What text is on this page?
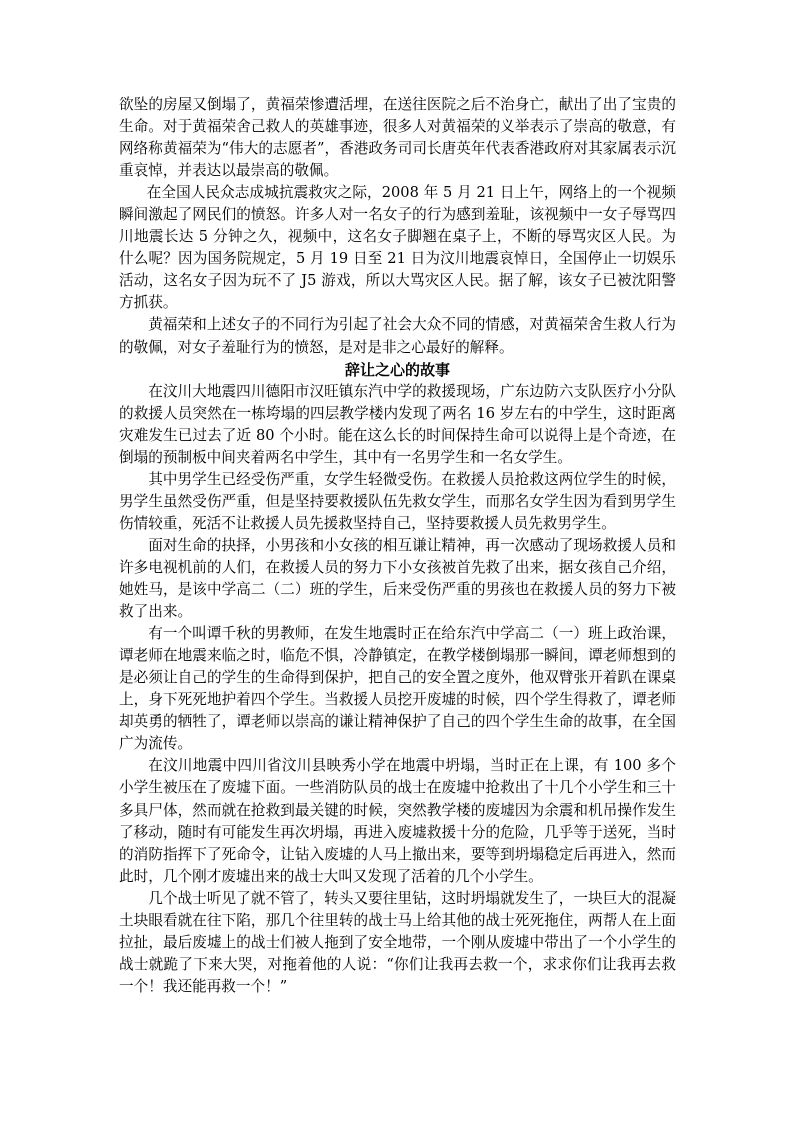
欲坠的房屋又倒塌了，黄福荣惨遭活埋，在送往医院之后不治身亡，献出了出了宝贵的生命。对于黄福荣舍己救人的英雄事迹，很多人对黄福荣的义举表示了崇高的敬意，有网络称黄福荣为“伟大的志愿者”，香港政务司司长唐英年代表香港政府对其家属表示沉重哀悼，并表达以最崇高的敬佩。

在全国人民众志成城抗震救灾之际，2008 年 5 月 21 日上午，网络上的一个视频瞬间激起了网民们的愤怒。许多人对一名女子的行为感到羞耻，该视频中一女子辱骂四川地震长达 5 分钟之久，视频中，这名女子脚翘在桌子上，不断的辱骂灾区人民。为什么呢？因为国务院规定，5 月 19 日至 21 日为汶川地震哀悼日，全国停止一切娱乐活动，这名女子因为玩不了 J5 游戏，所以大骂灾区人民。据了解，该女子已被沈阳警方抓获。

黄福荣和上述女子的不同行为引起了社会大众不同的情感，对黄福荣舍生救人行为的敬佩，对女子羞耻行为的愤怒，是对是非之心最好的解释。

辞让之心的故事

在汶川大地震四川德阳市汉旺镇东汽中学的救援现场，广东边防六支队医疗小分队的救援人员突然在一栋垮塌的四层教学楼内发现了两名 16 岁左右的中学生，这时距离灾难发生已过去了近 80 个小时。能在这么长的时间保持生命可以说得上是个奇迹，在倒塌的预制板中间夹着两名中学生，其中有一名男学生和一名女学生。

其中男学生已经受伤严重，女学生轻微受伤。在救援人员抢救这两位学生的时候，男学生虽然受伤严重，但是坚持要救援队伍先救女学生，而那名女学生因为看到男学生伤情较重，死活不让救援人员先援救坚持自己，坚持要救援人员先救男学生。

面对生命的抉择，小男孩和小女孩的相互谦让精神，再一次感动了现场救援人员和许多电视机前的人们，在救援人员的努力下小女孩被首先救了出来，据女孩自己介绍，她姓马，是该中学高二（二）班的学生，后来受伤严重的男孩也在救援人员的努力下被救了出来。

有一个叫谭千秋的男教师，在发生地震时正在给东汽中学高二（一）班上政治课，谭老师在地震来临之时，临危不惧，冷静镇定，在教学楼倒塌那一瞬间，谭老师想到的是必须让自己的学生的生命得到保护，把自己的安全置之度外，他双臂张开着趴在课桌上，身下死死地护着四个学生。当救援人员挖开废墟的时候，四个学生得救了，谭老师却英勇的牺牲了，谭老师以崇高的谦让精神保护了自己的四个学生生命的故事，在全国广为流传。

在汶川地震中四川省汶川县映秀小学在地震中坍塌，当时正在上课，有 100 多个小学生被压在了废墟下面。一些消防队员的战士在废墟中抢救出了十几个小学生和三十多具尸体，然而就在抢救到最关键的时候，突然教学楼的废墟因为余震和机吊操作发生了移动，随时有可能发生再次坍塌，再进入废墟救援十分的危险，几乎等于送死，当时的消防指挥下了死命令，让钻入废墟的人马上撤出来，要等到坍塌稳定后再进入，然而此时，几个刚才废墟出来的战士大叫又发现了活着的几个小学生。

几个战士听见了就不管了，转头又要往里钻，这时坍塌就发生了，一块巨大的混凝土块眼看就在往下陷，那几个往里转的战士马上给其他的战士死死拖住，两帮人在上面拉扯，最后废墟上的战士们被人拖到了安全地带，一个刚从废墟中带出了一个小学生的战士就跪了下来大哭，对拖着他的人说：“你们让我再去救一个，求求你们让我再去救一个！我还能再救一个！”
